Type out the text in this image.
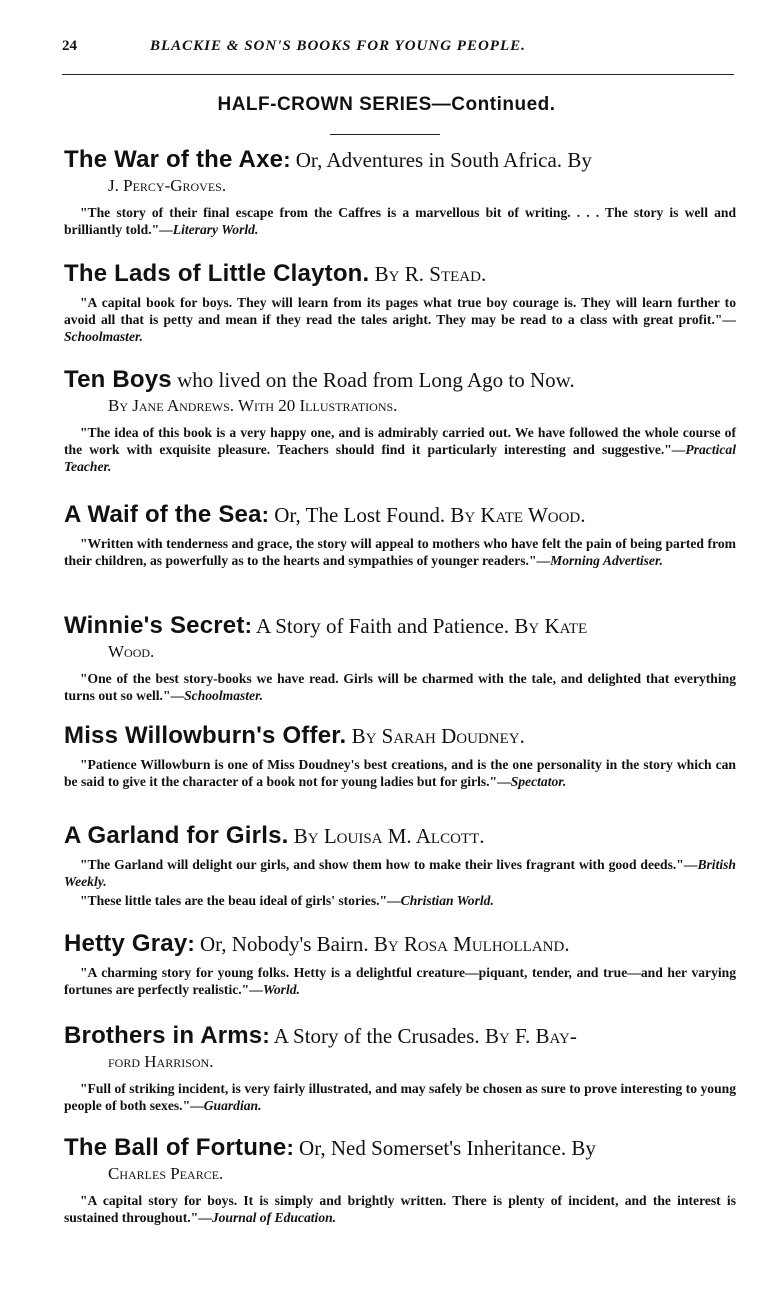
24	BLACKIE & SON'S BOOKS FOR YOUNG PEOPLE.
HALF-CROWN SERIES—Continued.

The War of the Axe: Or, Adventures in South Africa. By

J. Percy-Groves.

"The story of their final escape from the Caffres is a marvellous bit of writing. . . . The story is well and brilliantly told."—Literary World.

The Lads of Little Clayton. By R. Stead.

"A capital book for boys. They will learn from its pages what true boy courage is. They will learn further to avoid all that is petty and mean if they read the tales aright. They may be read to a class with great profit."—Schoolmaster.

Ten Boys who lived on the Road from Long Ago to Now.

By Jane Andrews. With 20 Illustrations.

"The idea of this book is a very happy one, and is admirably carried out. We have followed the whole course of the work with exquisite pleasure. Teachers should find it particularly interesting and suggestive."—Practical Teacher.

A Waif of the Sea: Or, The Lost Found. By Kate Wood.

"Written with tenderness and grace, the story will appeal to mothers who have felt the pain of being parted from their children, as powerfully as to the hearts and sympathies of younger readers."—Morning Advertiser.

Winnie's Secret: A Story of Faith and Patience. By Kate

Wood.

"One of the best story-books we have read. Girls will be charmed with the tale, and delighted that everything turns out so well."—Schoolmaster.

Miss Willowburn's Offer. By Sarah Doudney.

"Patience Willowburn is one of Miss Doudney's best creations, and is the one personality in the story which can be said to give it the character of a book not for young ladies but for girls."—Spectator.

A Garland for Girls. By Louisa M. Alcott.

"The Garland will delight our girls, and show them how to make their lives fragrant with good deeds."—British Weekly.

"These little tales are the beau ideal of girls' stories."—Christian World.

Hetty Gray: Or, Nobody's Bairn. By Rosa Mulholland.

"A charming story for young folks. Hetty is a delightful creature—piquant, tender, and true—and her varying fortunes are perfectly realistic."—World.

Brothers in Arms: A Story of the Crusades. By F. Bay-

ford Harrison.

"Full of striking incident, is very fairly illustrated, and may safely be chosen as sure to prove interesting to young people of both sexes."—Guardian.

The Ball of Fortune: Or, Ned Somerset's Inheritance. By

Charles Pearce.

"A capital story for boys. It is simply and brightly written. There is plenty of incident, and the interest is sustained throughout."—Journal of Education.
